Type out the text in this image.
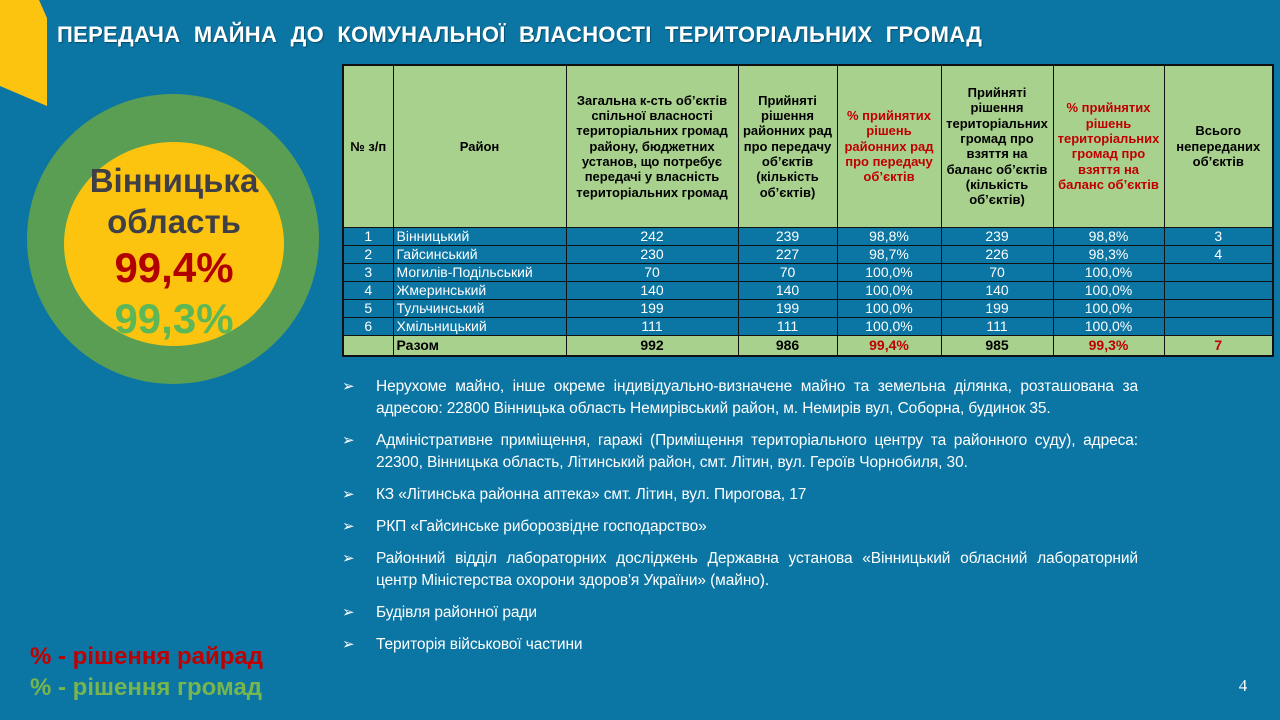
ПЕРЕДАЧА МАЙНА ДО КОМУНАЛЬНОЇ ВЛАСНОСТІ ТЕРИТОРІАЛЬНИХ ГРОМАД
Вінницька
область
99,4%
99,3%
№ з/п	Район	Загальна к-сть об’єктів спільної власності територіальних громад району, бюджетних установ, що потребує передачі у власність територіальних громад	Прийняті рішення районних рад про передачу об’єктів (кількість об’єктів)	% прийнятих рішень районних рад про передачу об’єктів	Прийняті рішення територіальних громад про взяття на баланс об’єктів (кількість об’єктів)	% прийнятих рішень територіальних громад про взяття на баланс об’єктів	Всього непереданих об’єктів
1	Вінницький	242	239	98,8%	239	98,8%	3
2	Гайсинський	230	227	98,7%	226	98,3%	4
3	Могилів-Подільський	70	70	100,0%	70	100,0%	
4	Жмеринський	140	140	100,0%	140	100,0%	
5	Тульчинський	199	199	100,0%	199	100,0%	
6	Хмільницький	111	111	100,0%	111	100,0%	
	Разом	992	986	99,4%	985	99,3%	7
➢	Нерухоме майно, інше окреме індивідуально-визначене майно та земельна ділянка, розташована за адресою: 22800 Вінницька область Немирівський район, м. Немирів вул, Соборна, будинок 35.
➢	Адміністративне приміщення, гаражі (Приміщення територіального центру та районного суду), адреса: 22300, Вінницька область, Літинський район, смт. Літин, вул. Героїв Чорнобиля, 30.
➢	КЗ «Літинська районна аптека» смт. Літин, вул. Пирогова, 17
➢	РКП «Гайсинське риборозвідне господарство»
➢	Районний відділ лабораторних досліджень Державна установа «Вінницький обласний лабораторний центр Міністерства охорони здоров'я України» (майно).
➢	Будівля районної ради
➢	Територія військової частини
% - рішення райрад
% - рішення громад	4
